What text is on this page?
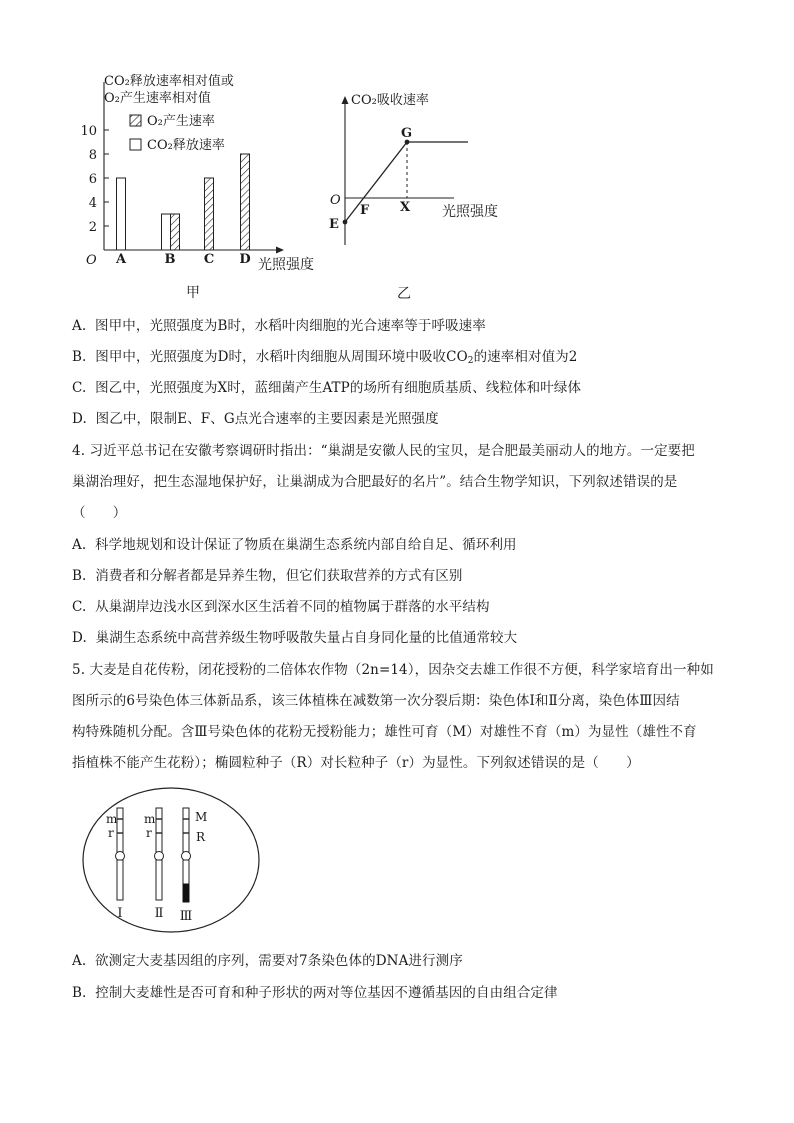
CO₂释放速率相对值或
O₂产生速率相对值
2
4
6
8
10
O
O₂产生速率
CO₂释放速率
A	B C D 光照强度
甲
CO₂吸收速率
O
光照强度
E
F
G
X
乙
A. 图甲中，光照强度为B时，水稻叶肉细胞的光合速率等于呼吸速率
B. 图甲中，光照强度为D时，水稻叶肉细胞从周围环境中吸收$CO_2$的速率相对值为2
C. 图乙中，光照强度为X时，蓝细菌产生ATP的场所有细胞质基质、线粒体和叶绿体
D. 图乙中，限制E、F、G点光合速率的主要因素是光照强度
4. 习近平总书记在安徽考察调研时指出：“巢湖是安徽人民的宝贝，是合肥最美丽动人的地方。一定要把
巢湖治理好，把生态湿地保护好，让巢湖成为合肥最好的名片”。结合生物学知识，下列叙述错误的是
（　　）
A. 科学地规划和设计保证了物质在巢湖生态系统内部自给自足、循环利用
B. 消费者和分解者都是异养生物，但它们获取营养的方式有区别
C. 从巢湖岸边浅水区到深水区生活着不同的植物属于群落的水平结构
D. 巢湖生态系统中高营养级生物呼吸散失量占自身同化量的比值通常较大
5. 大麦是自花传粉，闭花授粉的二倍体农作物（2n=14），因杂交去雄工作很不方便，科学家培育出一种如
图所示的6号染色体三体新品系，该三体植株在减数第一次分裂后期：染色体Ⅰ和Ⅱ分离，染色体Ⅲ因结
构特殊随机分配。含Ⅲ号染色体的花粉无授粉能力；雄性可育（M）对雄性不育（m）为显性（雄性不育
指植株不能产生花粉）；椭圆粒种子（R）对长粒种子（r）为显性。下列叙述错误的是（　　）
m
r
Ⅰ
m
r
Ⅱ
M
R
Ⅲ
A. 欲测定大麦基因组的序列，需要对7条染色体的DNA进行测序
B. 控制大麦雄性是否可育和种子形状的两对等位基因不遵循基因的自由组合定律
